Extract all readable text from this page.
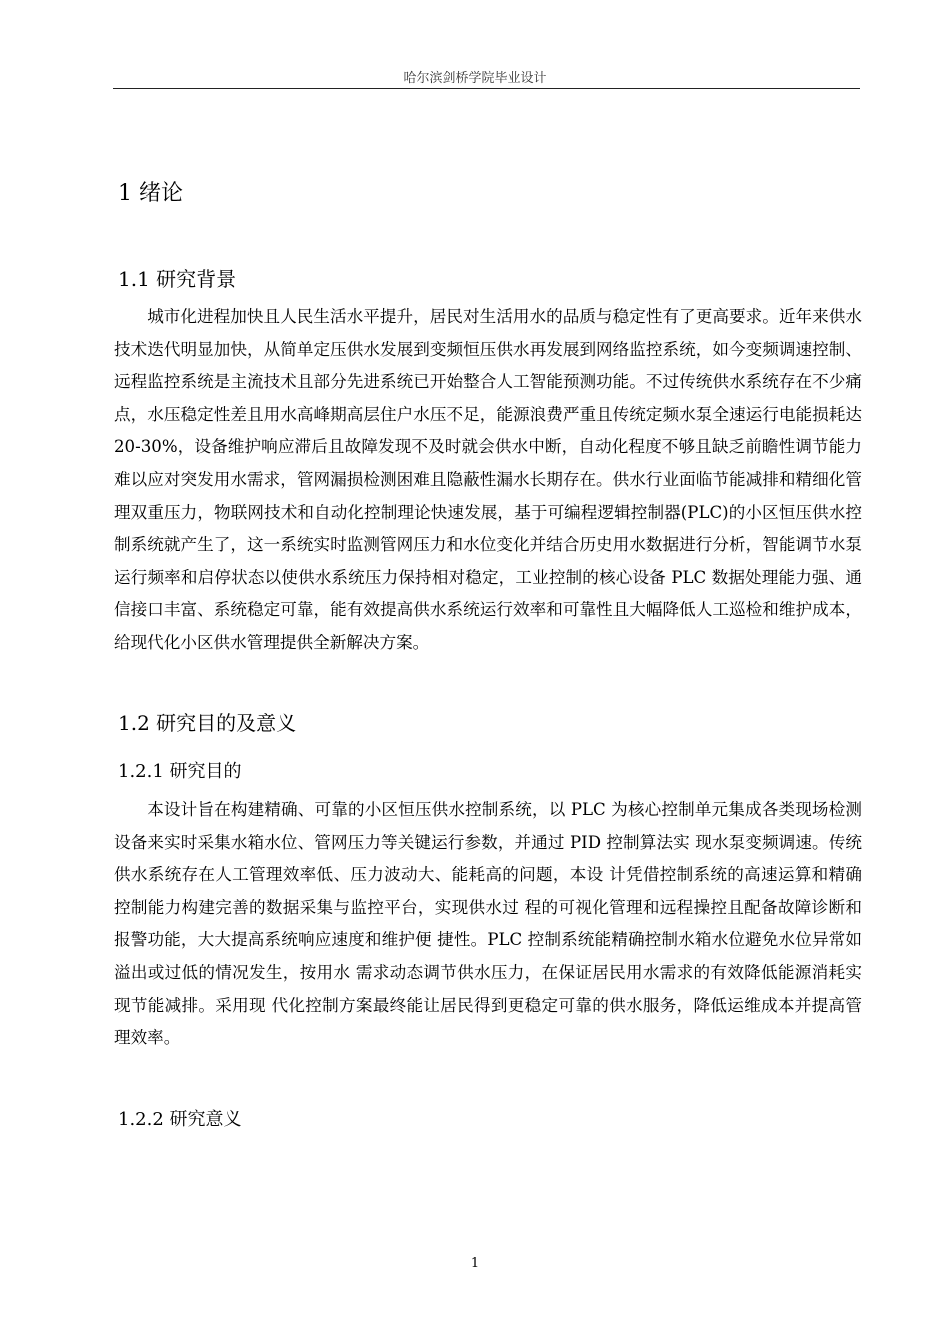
哈尔滨剑桥学院毕业设计
1 绪论
1.1 研究背景

城市化进程加快且人民生活水平提升，居民对生活用水的品质与稳定性有了更高要求。近年来供水技术迭代明显加快，从简单定压供水发展到变频恒压供水再发展到网络监控系统，如今变频调速控制、远程监控系统是主流技术且部分先进系统已开始整合人工智能预测功能。不过传统供水系统存在不少痛点，水压稳定性差且用水高峰期高层住户水压不足，能源浪费严重且传统定频水泵全速运行电能损耗达 20-30%，设备维护响应滞后且故障发现不及时就会供水中断，自动化程度不够且缺乏前瞻性调节能力难以应对突发用水需求，管网漏损检测困难且隐蔽性漏水长期存在。供水行业面临节能减排和精细化管理双重压力，物联网技术和自动化控制理论快速发展，基于可编程逻辑控制器(PLC)的小区恒压供水控制系统就产生了，这一系统实时监测管网压力和水位变化并结合历史用水数据进行分析，智能调节水泵运行频率和启停状态以使供水系统压力保持相对稳定，工业控制的核心设备 PLC 数据处理能力强、通信接口丰富、系统稳定可靠，能有效提高供水系统运行效率和可靠性且大幅降低人工巡检和维护成本，给现代化小区供水管理提供全新解决方案。

1.2 研究目的及意义
1.2.1 研究目的

本设计旨在构建精确、可靠的小区恒压供水控制系统，以 PLC 为核心控制单元集成各类现场检测设备来实时采集水箱水位、管网压力等关键运行参数，并通过 PID 控制算法实 现水泵变频调速。传统供水系统存在人工管理效率低、压力波动大、能耗高的问题，本设 计凭借控制系统的高速运算和精确控制能力构建完善的数据采集与监控平台，实现供水过 程的可视化管理和远程操控且配备故障诊断和报警功能，大大提高系统响应速度和维护便 捷性。PLC 控制系统能精确控制水箱水位避免水位异常如溢出或过低的情况发生，按用水 需求动态调节供水压力，在保证居民用水需求的有效降低能源消耗实现节能减排。采用现 代化控制方案最终能让居民得到更稳定可靠的供水服务，降低运维成本并提高管理效率。

1.2.2 研究意义
1
